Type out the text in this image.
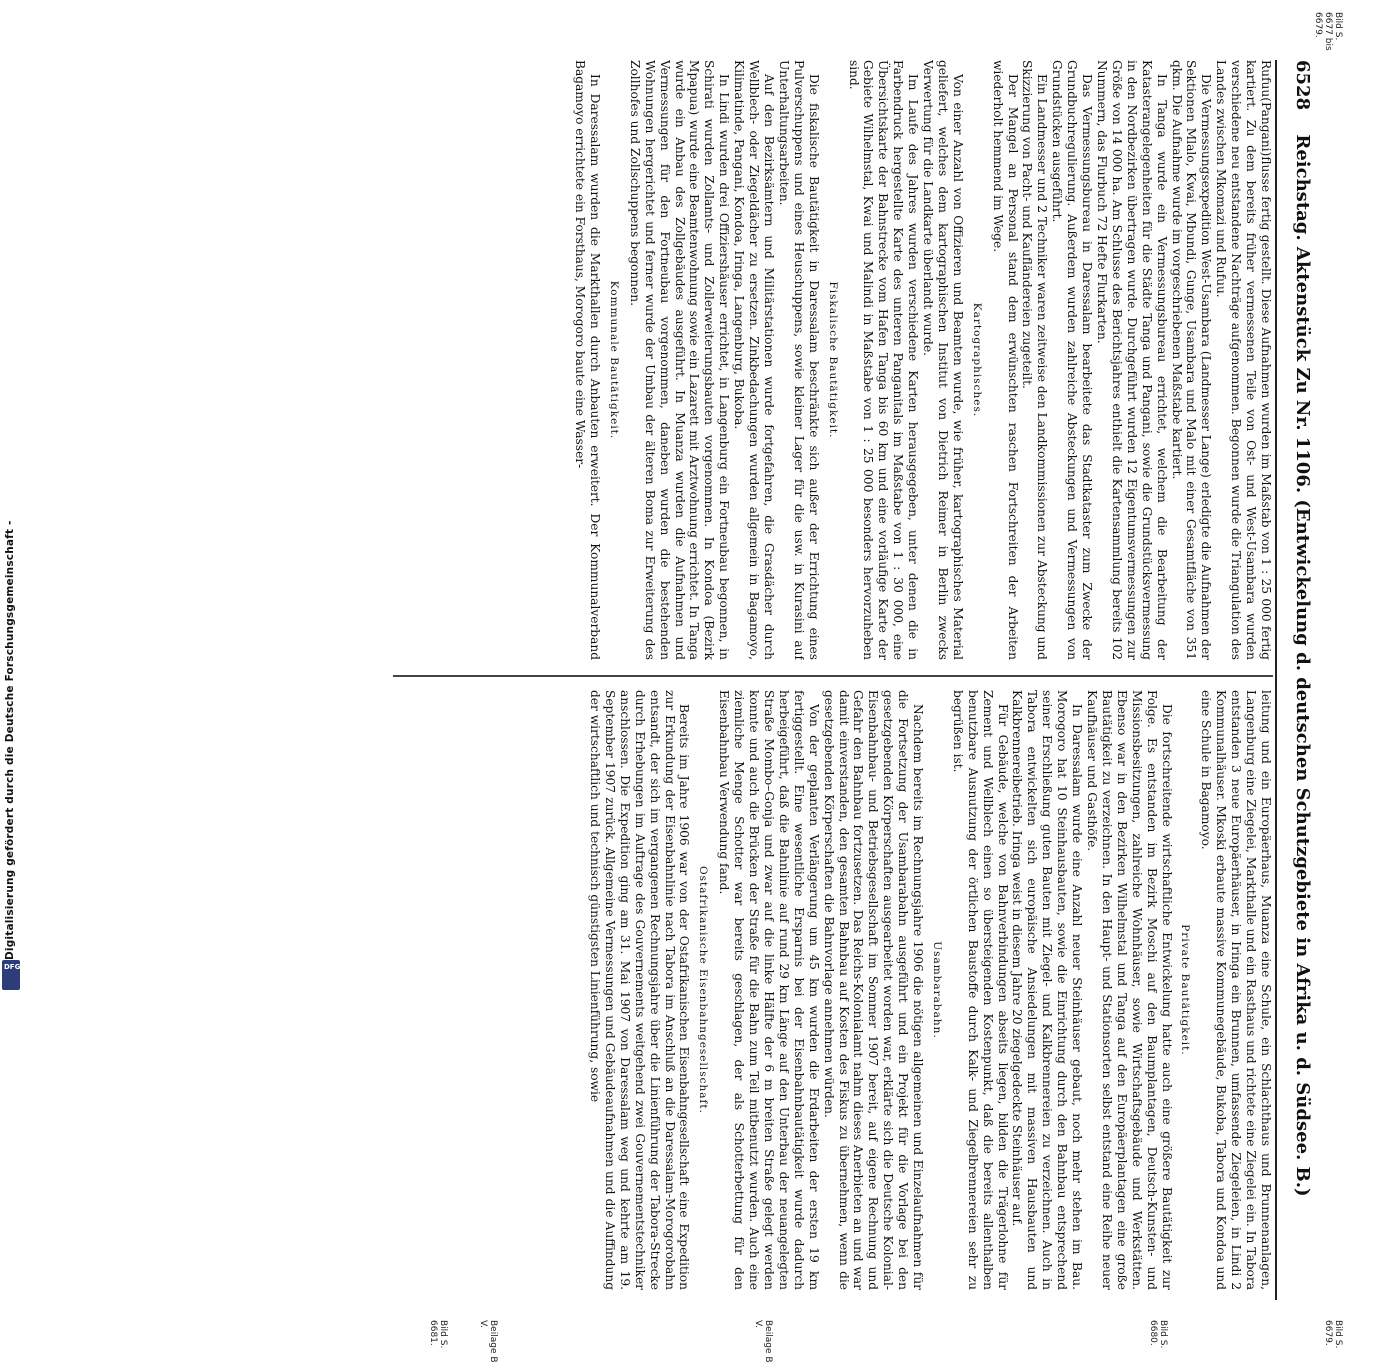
6528 Reichstag. Aktenstück Zu Nr. 1106. (Entwickelung d. deutschen Schutzgebiete in Afrika u. d. Südsee. B.)

Rufuu(Pangani)flusse fertig gestellt. Diese Aufnahmen wurden im Maßstab von 1 : 25 000 fertig kartiert. Zu dem bereits früher vermessenen Teile von Ost- und West-Usambara wurden verschiedene neu entstandene Nachträge aufgenommen. Begonnen wurde die Triangulation des Landes zwischen Mkomazi und Rufuu.

Die Vermessungsexpedition West-Usambara (Landmesser Lange) erledigte die Aufnahmen der Sektionen Mlalo, Kwai, Mbundi, Gunge, Usambara und Malo mit einer Gesamtfläche von 351 qkm. Die Aufnahme wurde im vorgeschriebenen Maßstabe kartiert.

In Tanga wurde ein Vermessungsbureau errichtet, welchem die Bearbeitung der Katasterangelegenheiten für die Städte Tanga und Pangani, sowie die Grundstücksvermessung in den Nordbezirken übertragen wurde. Durchgeführt wurden 12 Eigentumsvermessungen zur Größe von 14 000 ha. Am Schlusse des Berichtsjahres enthielt die Kartensammlung bereits 102 Nummern, das Flurbuch 72 Hefte Flurkarten.

Das Vermessungsbureau in Daressalam bearbeitete das Stadtkataster zum Zwecke der Grundbuchregulierung. Außerdem wurden zahlreiche Absteckungen und Vermessungen von Grundstücken ausgeführt.

Ein Landmesser und 2 Techniker waren zeitweise den Landkommissionen zur Absteckung und Skizzierung von Pacht- und Kaufländereien zugeteilt.

Der Mangel an Personal stand dem erwünschten raschen Fortschreiten der Arbeiten wiederholt hemmend im Wege.

Kartographisches.

Von einer Anzahl von Offizieren und Beamten wurde, wie früher, kartographisches Material geliefert, welches dem kartographischen Institut von Dietrich Reimer in Berlin zwecks Verwertung für die Landkarte überlandt wurde.

Im Laufe des Jahres wurden verschiedene Karten herausgegeben, unter denen die in Farbendruck hergestellte Karte des unteren Panganitals im Maßstabe von 1 : 30 000, eine Übersichtskarte der Bahnstrecke vom Hafen Tanga bis 60 km und eine vorläufige Karte der Gebiete Wilhelmstal, Kwai und Malindi in Maßstabe von 1 : 25 000 besonders hervorzuheben sind.

Fiskalische Bautätigkeit.

Die fiskalische Bautätigkeit in Daressalam beschränkte sich außer der Errichtung eines Pulverschuppens und eines Heuschuppens, sowie kleiner Lager für die usw. in Kurasini auf Unterhaltungsarbeiten.

Auf den Bezirksämtern und Militärstationen wurde fortgefahren, die Grasdächer durch Wellblech- oder Ziegeldächer zu ersetzen. Zinkbedachungen wurden allgemein in Bagamoyo, Kilimatinde, Pangani, Kondoa, Iringa, Langenburg, Bukoba.

In Lindi wurden drei Offiziershäuser errichtet, in Langenburg ein Fortneubau begonnen, in Schirati wurden Zollamts- und Zollerweiterungsbauten vorgenommen. In Kondoa (Bezirk Mpapua) wurde eine Beamtenwohnung sowie ein Lazarett mit Arztwohnung errichtet. In Tanga wurde ein Anbau des Zollgebäudes ausgeführt. In Muanza wurden die Aufnahmen und Vermessungen für den Fortneubau vorgenommen, daneben wurden die bestehenden Wohnungen hergerichtet und ferner wurde der Umbau der älteren Boma zur Erweiterung des Zollhofes und Zollschuppens begonnen.

Kommunale Bautätigkeit.

In Daressalam wurden die Markthallen durch Anbauten erweitert. Der Kommunalverband Bagamoyo errichtete ein Forsthaus, Morogoro baute eine Wasser-

leitung und ein Europäerhaus, Muanza eine Schule, ein Schlachthaus und Brunnenanlagen, Langenburg eine Ziegelei, Markthalle und ein Rasthaus und richtete eine Ziegelei ein. In Tabora entstanden 3 neue Europäerhäuser, in Iringa ein Brunnen, umfassende Ziegeleien, in Lindi 2 Kommunalhäuser. Mkoski erbaute massive Kommunegebäude, Bukoba, Tabora und Kondoa und eine Schule in Bagamoyo.

Private Bautätigkeit.

Die fortschreitende wirtschaftliche Entwickelung hatte auch eine größere Bautätigkeit zur Folge. Es entstanden im Bezirk Moschi auf den Baumplantagen, Deutsch-Kunsten- und Missionsbesitzungen, zahlreiche Wohnhäuser, sowie Wirtschaftsgebäude und Werkstätten. Ebenso war in den Bezirken Wilhelmstal und Tanga auf den Europäerplantagen eine große Bautätigkeit zu verzeichnen. In den Haupt- und Stationsorten selbst entstand eine Reihe neuer Kaufhäuser und Gasthöfe.

In Daressalam wurde eine Anzahl neuer Steinhäuser gebaut, noch mehr stehen im Bau. Morogoro hat 10 Steinhausbauten, sowie die Einrichtung durch den Bahnbau entsprechend seiner Erschließung guten Bauten mit Ziegel- und Kalkbrennereien zu verzeichnen. Auch in Tabora entwickelten sich europäische Ansiedelungen mit massiven Hausbauten und Kalkbrennereibetrieb. Iringa weist in diesem Jahre 20 ziegelgedeckte Steinhäuser auf.

Für Gebäude, welche von Bahnverbindungen abseits liegen, bilden die Trägerlohne für Zement und Wellblech einen so übersteigenden Kostenpunkt, daß die bereits allenthalben benutzbare Ausnutzung der örtlichen Baustoffe durch Kalk- und Ziegelbrennereien sehr zu begrüßen ist.

Usambarabahn.

Nachdem bereits im Rechnungsjahre 1906 die nötigen allgemeinen und Einzelaufnahmen für die Fortsetzung der Usambarabahn ausgeführt und ein Projekt für die Vorlage bei den gesetzgebenden Körperschaften ausgearbeitet worden war, erklärte sich die Deutsche Kolonial-Eisenbahnbau- und Betriebsgesellschaft im Sommer 1907 bereit, auf eigene Rechnung und Gefahr den Bahnbau fortzusetzen. Das Reichs-Kolonialamt nahm dieses Anerbieten an und war damit einverstanden, den gesamten Bahnbau auf Kosten des Fiskus zu übernehmen, wenn die gesetzgebenden Körperschaften die Bahnvorlage annehmen würden.

Von der geplanten Verlängerung um 45 km wurden die Erdarbeiten der ersten 19 km fertiggestellt. Eine wesentliche Ersparnis bei der Eisenbahnbautätigkeit wurde dadurch herbeigeführt, daß die Bahnlinie auf rund 29 km Länge auf den Unterbau der neuangelegten Straße Mombo–Gonja und zwar auf die linke Hälfte der 6 m breiten Straße gelegt werden konnte und auch die Brücken der Straße für die Bahn zum Teil mitbenutzt wurden. Auch eine ziemliche Menge Schotter war bereits geschlagen, der als Schotterbettung für den Eisenbahnbau Verwendung fand.

Ostafrikanische Eisenbahngesellschaft.

Bereits im Jahre 1906 war von der Ostafrikanischen Eisenbahngesellschaft eine Expedition zur Erkundung der Eisenbahnlinie nach Tabora im Anschluß an die Daressalam-Morogorobahn entsandt, der sich im vergangenen Rechnungsjahre über die Linienführung der Tabora-Strecke durch Erhebungen im Auftrage des Gouvernements weitgehend zwei Gouvernementstechniker anschlossen. Die Expedition ging am 31. Mai 1907 von Daressalam weg und kehrte am 19. September 1907 zurück. Allgemeine Vermessungen und Gebäudeaufnahmen und die Auffindung der wirtschaftlich und technisch günstigsten Linienführung, sowie

Bild S. 6677 bis 6679.
Bild S. 6679.
Bild S. 6680.
Beilage B V.
Beilage B V.
Bild S. 6681.
Digitalisierung gefördert durch die Deutsche Forschungsgemeinschaft -
DFG
